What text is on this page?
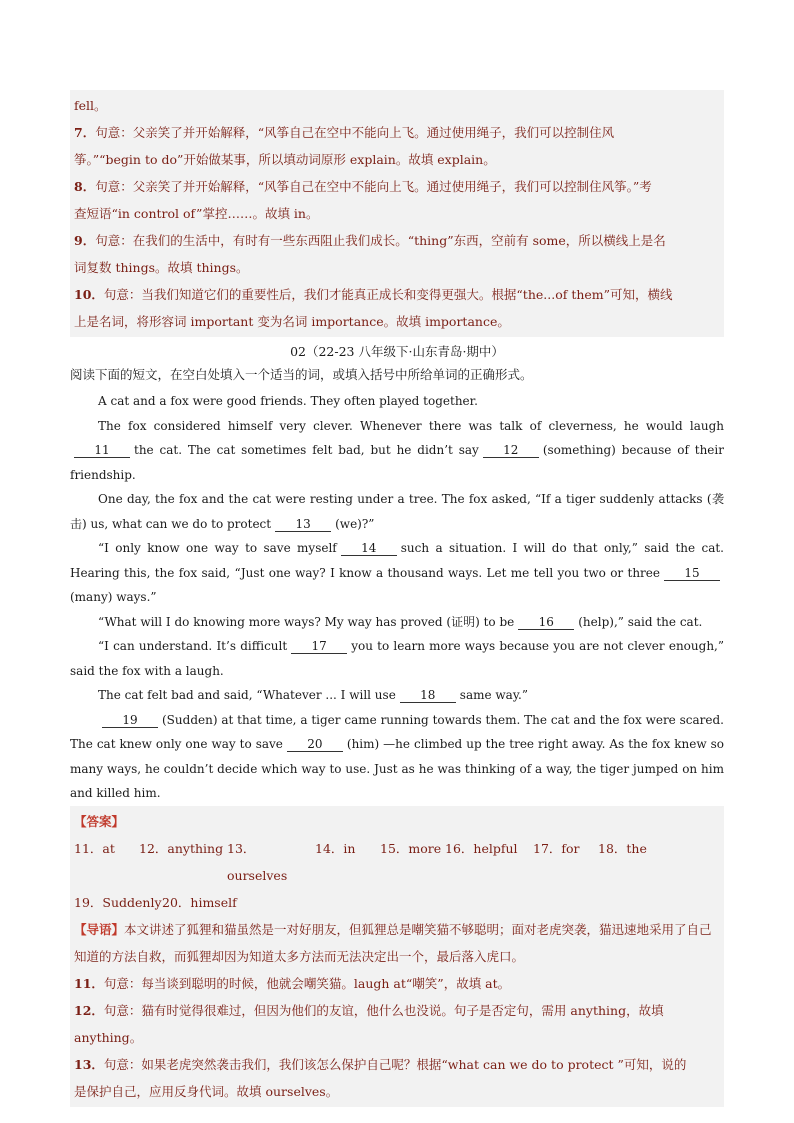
fell。

7．句意：父亲笑了并开始解释，“风筝自己在空中不能向上飞。通过使用绳子，我们可以控制住风

筝。”“begin to do”开始做某事，所以填动词原形 explain。故填 explain。

8．句意：父亲笑了并开始解释，“风筝自己在空中不能向上飞。通过使用绳子，我们可以控制住风筝。”考

查短语“in control of”掌控……。故填 in。

9．句意：在我们的生活中，有时有一些东西阻止我们成长。“thing”东西，空前有 some，所以横线上是名

词复数 things。故填 things。

10．句意：当我们知道它们的重要性后，我们才能真正成长和变得更强大。根据“the...of them”可知，横线

上是名词，将形容词 important 变为名词 importance。故填 importance。

02（22-23 八年级下·山东青岛·期中）
阅读下面的短文，在空白处填入一个适当的词，或填入括号中所给单词的正确形式。

A cat and a fox were good friends. They often played together.

The fox considered himself very clever. Whenever there was talk of cleverness, he would laugh11 the cat. The cat sometimes felt bad, but he didn’t say 12 (something) because of their friendship.

One day, the fox and the cat were resting under a tree. The fox asked, “If a tiger suddenly attacks (袭击) us, what can we do to protect 13 (we)?”

“I only know one way to save myself 14 such a situation. I will do that only,” said the cat. Hearing this, the fox said, “Just one way? I know a thousand ways. Let me tell you two or three 15(many) ways.”

“What will I do knowing more ways? My way has proved (证明) to be 16 (help),” said the cat.

“I can understand. It’s difficult 17 you to learn more ways because you are not clever enough,” said the fox with a laugh.

The cat felt bad and said, “Whatever ... I will use 18 same way.”

19 (Sudden) at that time, a tiger came running towards them. The cat and the fox were scared. The cat knew only one way to save 20 (him) —he climbed up the tree right away. As the fox knew so many ways, he couldn’t decide which way to use. Just as he was thinking of a way, the tiger jumped on him and killed him.

【答案】

11．at	12．anything 13．ourselves
14．in	15．more 16．helpful	17．for	18．the
19．Suddenly 20．himself

【导语】本文讲述了狐狸和猫虽然是一对好朋友，但狐狸总是嘲笑猫不够聪明；面对老虎突袭，猫迅速地采用了自己知道的方法自救，而狐狸却因为知道太多方法而无法决定出一个，最后落入虎口。

11．句意：每当谈到聪明的时候，他就会嘲笑猫。laugh at“嘲笑”，故填 at。

12．句意：猫有时觉得很难过，但因为他们的友谊，他什么也没说。句子是否定句，需用 anything，故填

anything。

13．句意：如果老虎突然袭击我们，我们该怎么保护自己呢？根据“what can we do to protect ”可知，说的

是保护自己，应用反身代词。故填 ourselves。
